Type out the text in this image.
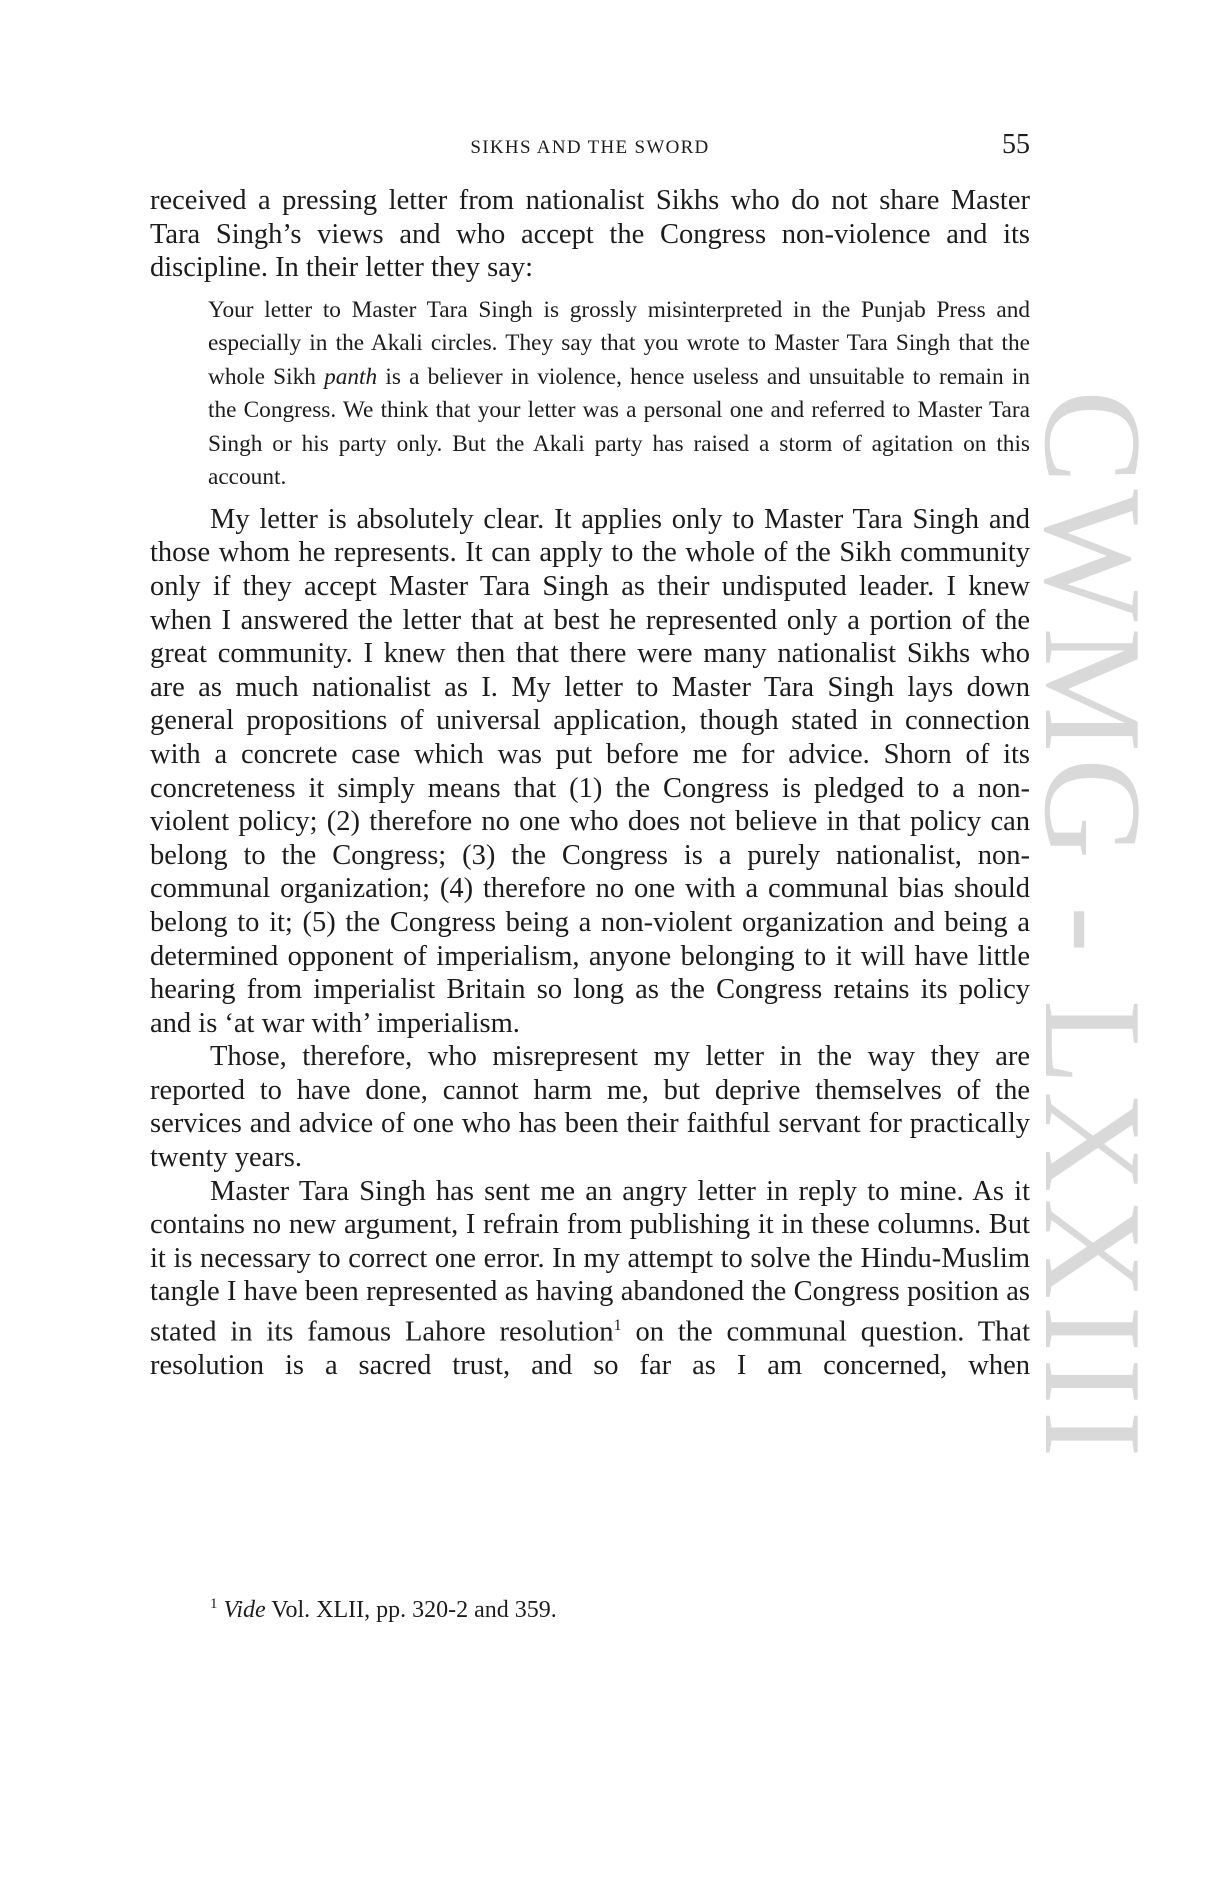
CWMG - LXXIII
SIKHS AND THE SWORD	55

received a pressing letter from nationalist Sikhs who do not share Master Tara Singh’s views and who accept the Congress non-violence and its discipline. In their letter they say:

Your letter to Master Tara Singh is grossly misinterpreted in the Punjab Press and especially in the Akali circles. They say that you wrote to Master Tara Singh that the whole Sikh panth is a believer in violence, hence useless and unsuitable to remain in the Congress. We think that your letter was a personal one and referred to Master Tara Singh or his party only. But the Akali party has raised a storm of agitation on this account.

My letter is absolutely clear. It applies only to Master Tara Singh and those whom he represents. It can apply to the whole of the Sikh community only if they accept Master Tara Singh as their undisputed leader. I knew when I answered the letter that at best he represented only a portion of the great community. I knew then that there were many nationalist Sikhs who are as much nationalist as I. My letter to Master Tara Singh lays down general propositions of universal application, though stated in connection with a concrete case which was put before me for advice. Shorn of its concreteness it simply means that (1) the Congress is pledged to a non-violent policy; (2) therefore no one who does not believe in that policy can belong to the Congress; (3) the Congress is a purely nationalist, non-communal organization; (4) therefore no one with a communal bias should belong to it; (5) the Congress being a non-violent organization and being a determined opponent of imperialism, anyone belonging to it will have little hearing from imperialist Britain so long as the Congress retains its policy and is ‘at war with’ imperialism.

Those, therefore, who misrepresent my letter in the way they are reported to have done, cannot harm me, but deprive themselves of the services and advice of one who has been their faithful servant for practically twenty years.

Master Tara Singh has sent me an angry letter in reply to mine. As it contains no new argument, I refrain from publishing it in these columns. But it is necessary to correct one error. In my attempt to solve the Hindu-Muslim tangle I have been represented as having abandoned the Congress position as stated in its famous Lahore resolution$^1$ on the communal question. That resolution is a sacred trust, and so far as I am concerned, when

$^1$ Vide Vol. XLII, pp. 320-2 and 359.
